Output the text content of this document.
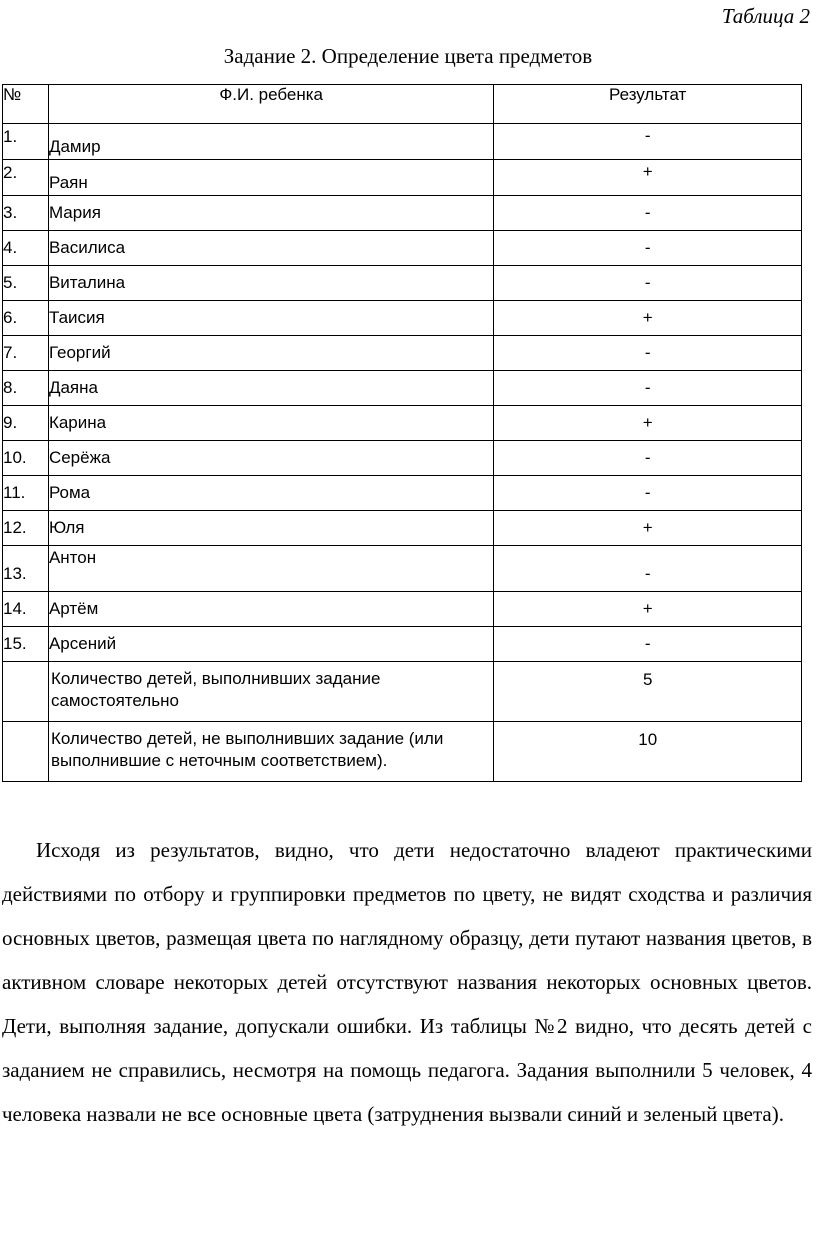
Таблица 2
Задание 2. Определение цвета предметов
№	Ф.И. ребенка	Результат
1.	Дамир	-
2.	Раян	+
3.	Мария	-
4.	Василиса	-
5.	Виталина	-
6.	Таисия	+
7.	Георгий	-
8.	Даяна	-
9.	Карина	+
10.	Серёжа	-
11.	Рома	-
12.	Юля	+
13.	Антон	-
14.	Артём	+
15.	Арсений	-
	Количество детей, выполнивших задание самостоятельно	5
	Количество детей, не выполнивших задание (или выполнившие с неточным соответствием).	10

Исходя из результатов, видно, что дети недостаточно владеют практическими действиями по отбору и группировки предметов по цвету, не видят сходства и различия основных цветов, размещая цвета по наглядному образцу, дети путают названия цветов, в активном словаре некоторых детей отсутствуют названия некоторых основных цветов. Дети, выполняя задание, допускали ошибки. Из таблицы №2 видно, что десять детей с заданием не справились, несмотря на помощь педагога. Задания выполнили 5 человек, 4 человека назвали не все основные цвета (затруднения вызвали синий и зеленый цвета).
